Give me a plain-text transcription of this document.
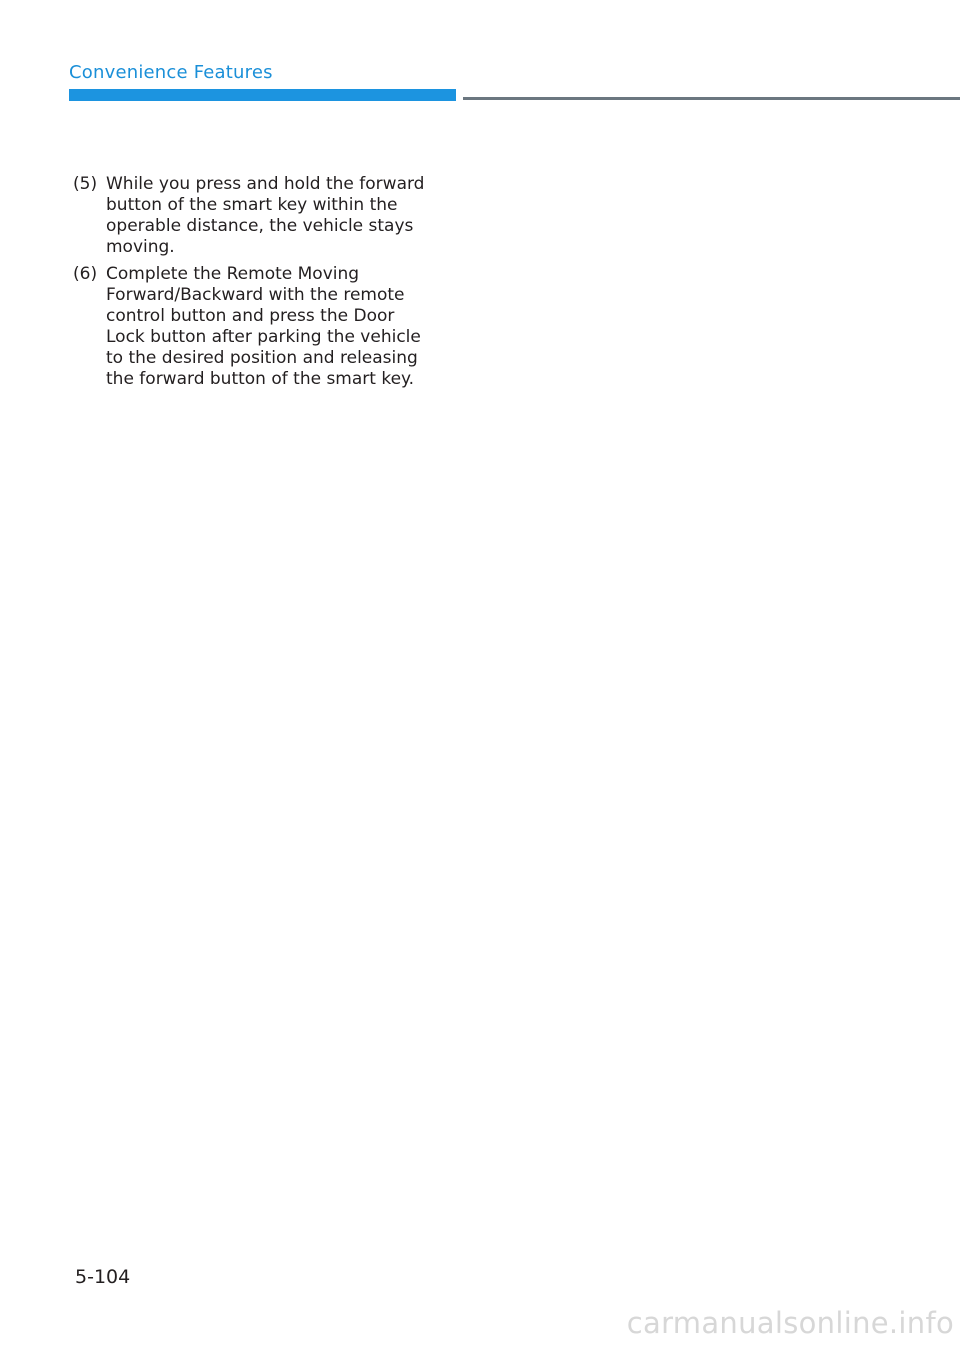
Convenience Features
(5) While you press and hold the forward
button of the smart key within the
operable distance, the vehicle stays
moving.
(6) Complete the Remote Moving
Forward/Backward with the remote
control button and press the Door
Lock button after parking the vehicle
to the desired position and releasing
the forward button of the smart key.
5-104
carmanualsonline.info
